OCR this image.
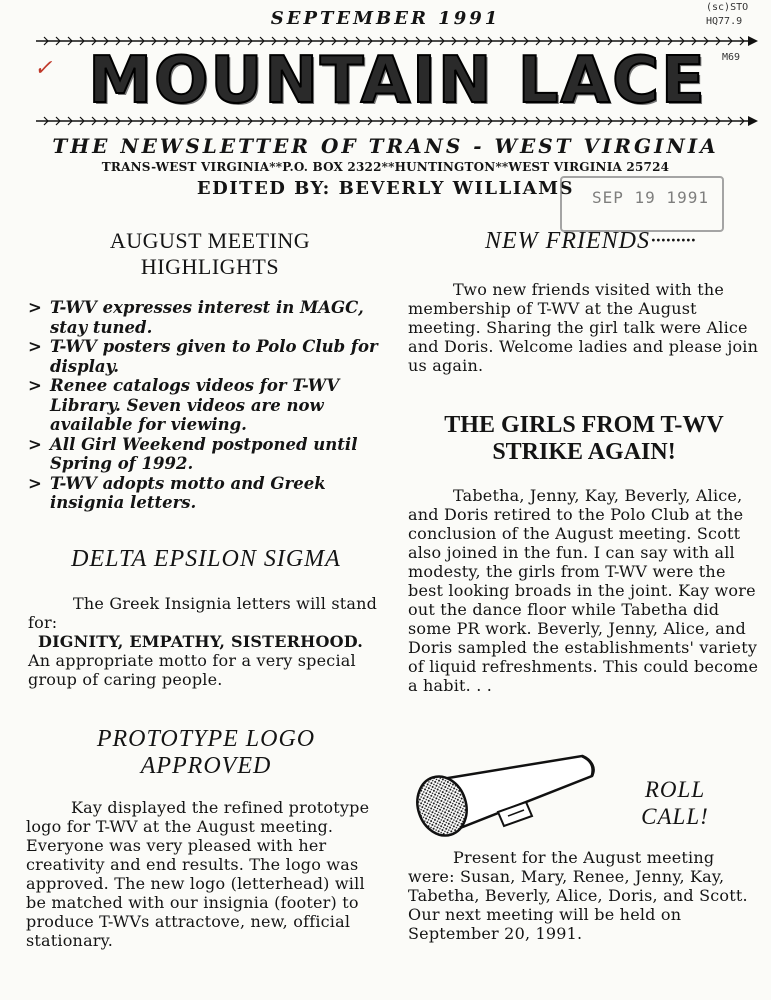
SEPTEMBER 1991
(sc)STO
HQ77.9
M69
✓ MOUNTAIN LACE
THE NEWSLETTER OF TRANS - WEST VIRGINIA
TRANS-WEST VIRGINIA**P.O. BOX 2322**HUNTINGTON**WEST VIRGINIA 25724
EDITED BY: BEVERLY WILLIAMS	SEP 19 1991
AUGUST MEETING
HIGHLIGHTS
> T-WV expresses interest in MAGC, stay tuned.
> T-WV posters given to Polo Club for display.
> Renee catalogs videos for T-WV Library. Seven videos are now available for viewing.
> All Girl Weekend postponed until Spring of 1992.
> T-WV adopts motto and Greek insignia letters.
DELTA EPSILON SIGMA

The Greek Insignia letters will stand for:

DIGNITY, EMPATHY, SISTERHOOD.

An appropriate motto for a very special group of caring people.

PROTOTYPE LOGO
APPROVED

Kay displayed the refined prototype logo for T-WV at the August meeting. Everyone was very pleased with her creativity and end results. The logo was approved. The new logo (letterhead) will be matched with our insignia (footer) to produce T-WVs attractove, new, official stationary.

NEW FRIENDS·········

Two new friends visited with the membership of T-WV at the August meeting. Sharing the girl talk were Alice and Doris. Welcome ladies and please join us again.

THE GIRLS FROM T-WV
STRIKE AGAIN!

Tabetha, Jenny, Kay, Beverly, Alice, and Doris retired to the Polo Club at the conclusion of the August meeting. Scott also joined in the fun. I can say with all modesty, the girls from T-WV were the best looking broads in the joint. Kay wore out the dance floor while Tabetha did some PR work. Beverly, Jenny, Alice, and Doris sampled the establishments' variety of liquid refreshments. This could become a habit. . .

ROLL
CALL!

Present for the August meeting were: Susan, Mary, Renee, Jenny, Kay, Tabetha, Beverly, Alice, Doris, and Scott. Our next meeting will be held on September 20, 1991.
